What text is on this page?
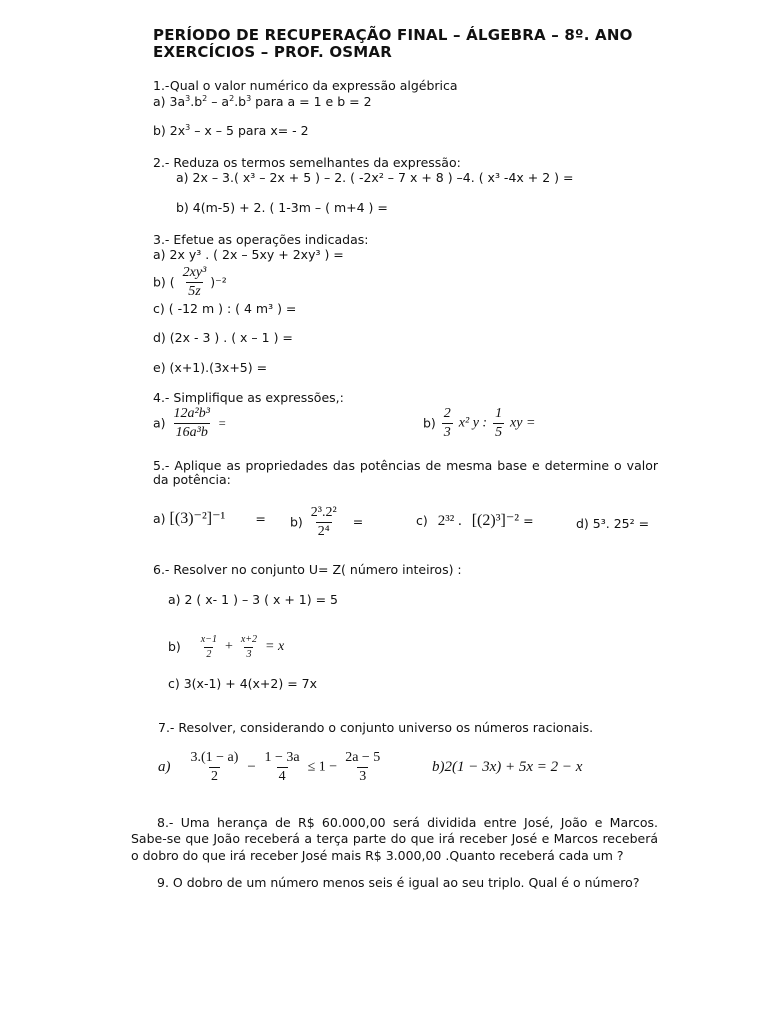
PERÍODO DE RECUPERAÇÃO FINAL – ÁLGEBRA – 8º. ANO
EXERCÍCIOS – PROF. OSMAR
1.-Qual o valor numérico da expressão algébrica
a) $3a^3.b^2 - a^2.b^3$ para a = 1 e b = 2
b) $2x^3$ – x – 5 para x= - 2
2.- Reduza os termos semelhantes da expressão:
a) 2x – 3.( x³ – 2x + 5 ) – 2. ( -2x² – 7 x + 8 ) –4. ( x³ -4x + 2 ) =
b) 4(m-5) + 2. ( 1-3m – ( m+4 ) =
3.- Efetue as operações indicadas:
a) 2x y³ . ( 2x – 5xy + 2xy³ ) =
b) ( $\frac{\text{2xy³}}{5z} )^{-2}$
c) ( -12 m ) : ( 4 m³ ) =
d) (2x - 3 ) . ( x – 1 ) =
e) (x+1).(3x+5) =
4.- Simplifique as expressões,:
$a) \frac{\text{12a²b³}}{\text{16a³b}}$ =	$b) \frac{2}{3} x^2$ y : $\frac{1}{5}$ xy =
5.- Aplique as propriedades das potências de mesma base e determine o valor da potência:
a) $[(3)^{-2}]^{-1} = b) \frac{\text{2³.2²}}{\text{2⁴}}$ =	c) 2³² . [(2)³]⁻² =	d) 5³. 25² =
6.- Resolver no conjunto U= Z( número inteiros) :
a) 2 ( x- 1 ) – 3 ( x + 1) = 5
$b) \frac{x-1}{2} + \frac{x+2}{3} = x$
c) 3(x-1) + 4(x+2) = 7x
7.- Resolver, considerando o conjunto universo os números racionais.
$a) \frac{3.(1 - a)}{2} - \frac{1 - 3a}{4} \le 1 - \frac{2a - 5}{3}$	b)2(1 − 3x) + 5x = 2 − x
8.- Uma herança de R$ 60.000,00 será dividida entre José, João e Marcos. Sabe-se que João receberá a terça parte do que irá receber José e Marcos receberá o dobro do que irá receber José mais R$ 3.000,00 .Quanto receberá cada um ?
9. O dobro de um número menos seis é igual ao seu triplo. Qual é o número?
